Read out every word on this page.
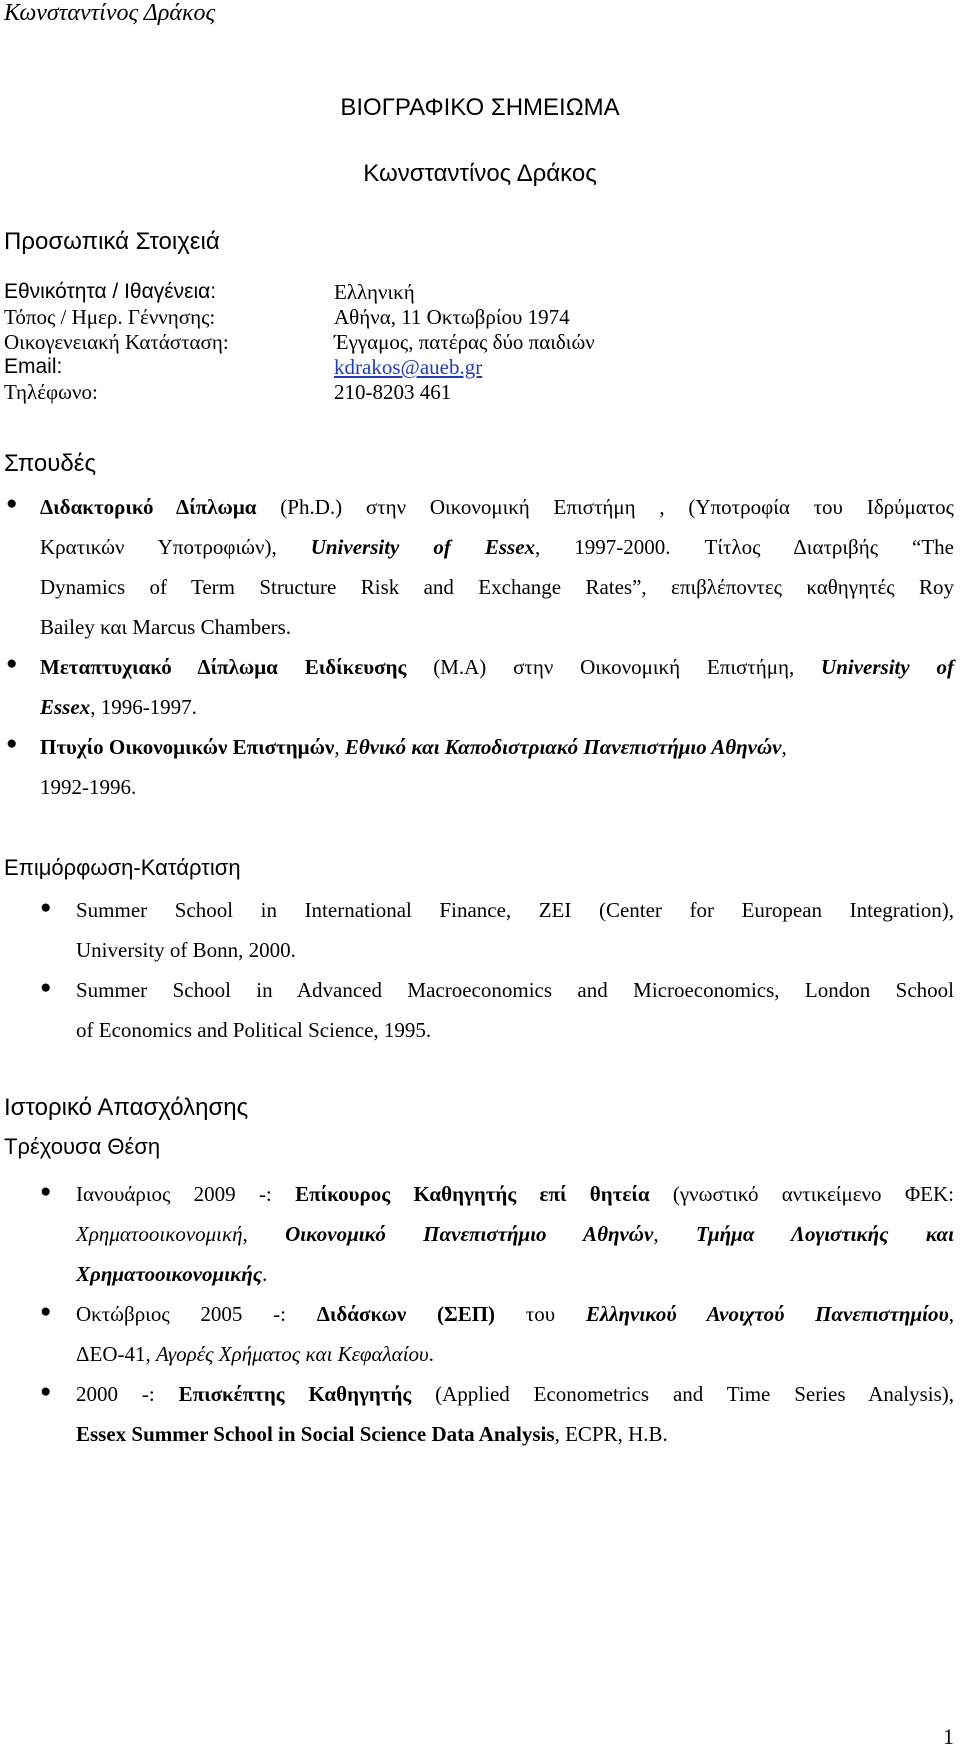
Κωνσταντίνος Δράκος
ΒΙΟΓΡΑΦΙΚΟ ΣΗΜΕΙΩΜΑ
Κωνσταντίνος Δράκος
Προσωπικά Στοιχειά
Εθνικότητα / Ιθαγένεια:	Ελληνική
Τόπος / Ημερ. Γέννησης:	Αθήνα, 11 Οκτωβρίου 1974
Οικογενειακή Κατάσταση:	Έγγαμος, πατέρας δύο παιδιών
Email:	kdrakos@aueb.gr
Τηλέφωνο:	210-8203 461
Σπουδές
● Διδακτορικό Δίπλωμα (Ph.D.) στην Οικονομική Επιστήμη , (Υποτροφία του Ιδρύματος
Κρατικών Υποτροφιών), University of Essex, 1997-2000. Τίτλος Διατριβής “The
Dynamics of Term Structure Risk and Exchange Rates”, επιβλέποντες καθηγητές Roy
Bailey και Marcus Chambers.
● Μεταπτυχιακό Δίπλωμα Ειδίκευσης (M.A) στην Οικονομική Επιστήμη, University of
Essex, 1996-1997.
● Πτυχίο Οικονομικών Επιστημών, Εθνικό και Καποδιστριακό Πανεπιστήμιο Αθηνών,
1992-1996.
Επιμόρφωση-Κατάρτιση
● Summer School in International Finance, ZEI (Center for European Integration),
University of Bonn, 2000.
● Summer School in Advanced Macroeconomics and Microeconomics, London School
of Economics and Political Science, 1995.
Ιστορικό Απασχόλησης
Τρέχουσα Θέση
● Ιανουάριος 2009 -: Επίκουρος Καθηγητής επί θητεία (γνωστικό αντικείμενο ΦΕΚ:
Χρηματοοικονομική, Οικονομικό Πανεπιστήμιο Αθηνών, Τμήμα Λογιστικής και
Χρηματοοικονομικής.
● Οκτώβριος 2005 -: Διδάσκων (ΣΕΠ) του Ελληνικού Ανοιχτού Πανεπιστημίου,
ΔΕΟ-41, Αγορές Χρήματος και Κεφαλαίου.
● 2000 -: Επισκέπτης Καθηγητής (Applied Econometrics and Time Series Analysis),
Essex Summer School in Social Science Data Analysis, ECPR, H.B.
1
